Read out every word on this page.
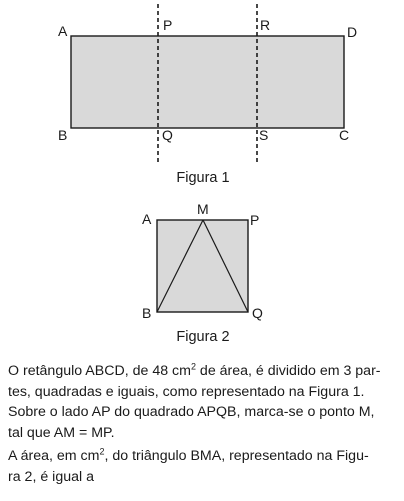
A	P	R	D
B	Q	S	C
Figura 1
A
M
P
B	Q
Figura 2

O retângulo ABCD, de 48 $cm^2$ de área, é dividido em 3 par-
tes, quadradas e iguais, como representado na Figura 1.
Sobre o lado AP do quadrado APQB, marca-se o ponto M,
tal que AM = MP.

A área, em $cm^2$, do triângulo BMA, representado na Figu-
ra 2, é igual a
